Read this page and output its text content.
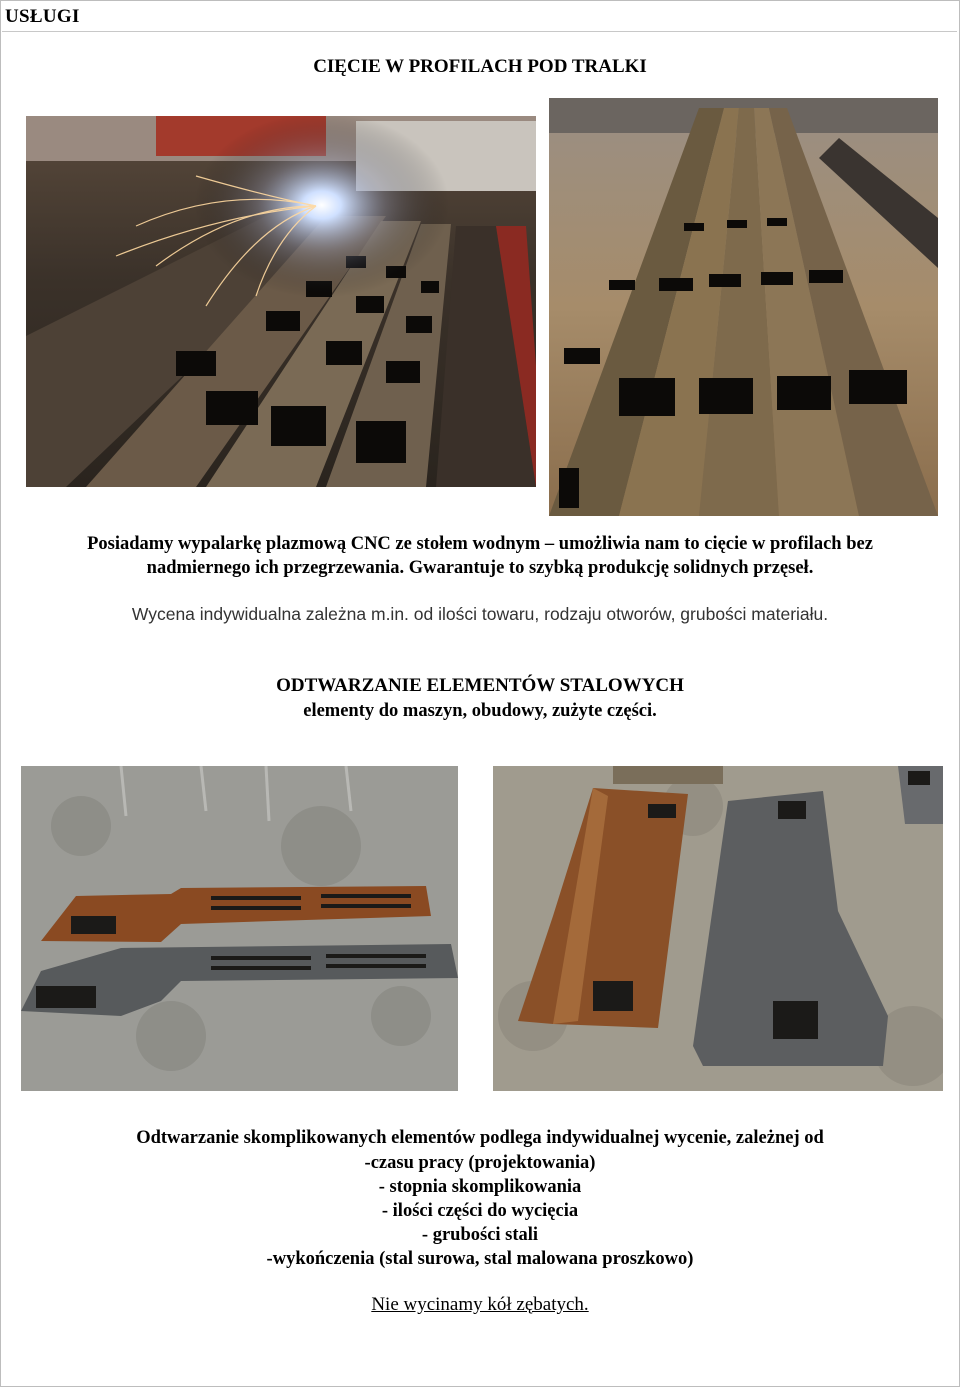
USŁUGI
CIĘCIE W PROFILACH POD TRALKI
Posiadamy wypalarkę plazmową CNC ze stołem wodnym – umożliwia nam to cięcie w profilach bez
nadmiernego ich przegrzewania. Gwarantuje to szybką produkcję solidnych przęseł.
Wycena indywidualna zależna m.in. od ilości towaru, rodzaju otworów, grubości materiału.
ODTWARZANIE ELEMENTÓW STALOWYCH
elementy do maszyn, obudowy, zużyte części.
Odtwarzanie skomplikowanych elementów podlega indywidualnej wycenie, zależnej od
-czasu pracy (projektowania)
- stopnia skomplikowania
- ilości części do wycięcia
- grubości stali
-wykończenia (stal surowa, stal malowana proszkowo)
Nie wycinamy kół zębatych.
